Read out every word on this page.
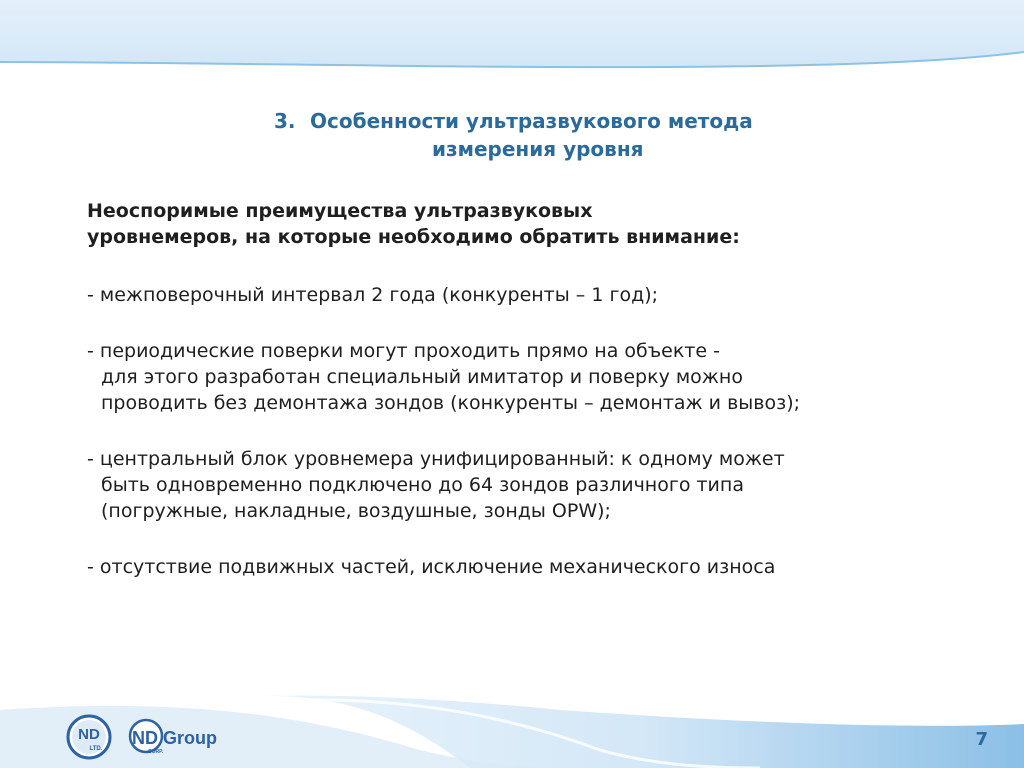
3. Особенности ультразвукового метода
измерения уровня

Неоспоримые преимущества ультразвуковых
уровнемеров, на которые необходимо обратить внимание:

- межповерочный интервал 2 года (конкуренты – 1 год);

- периодические поверки могут проходить прямо на объекте -
для этого разработан специальный имитатор и поверку можно
проводить без демонтажа зондов (конкуренты – демонтаж и вывоз);

- центральный блок уровнемера унифицированный: к одному может
быть одновременно подключено до 64 зондов различного типа
(погружные, накладные, воздушные, зонды OPW);

- отсутствие подвижных частей, исключение механического износа

ND
LTD.
ND Group
CORP.
7
